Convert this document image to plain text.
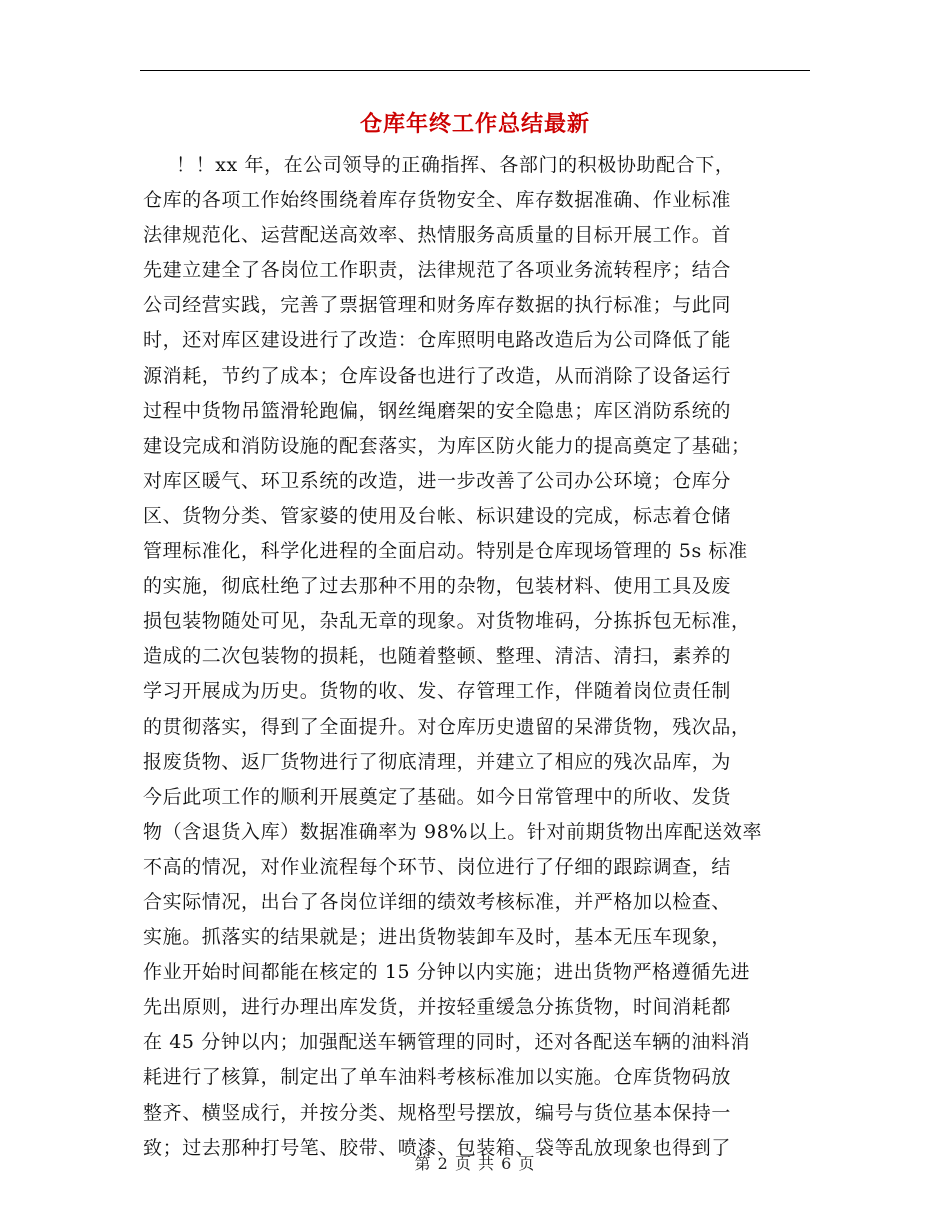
仓库年终工作总结最新
！！xx 年，在公司领导的正确指挥、各部门的积极协助配合下，
仓库的各项工作始终围绕着库存货物安全、库存数据准确、作业标准
法律规范化、运营配送高效率、热情服务高质量的目标开展工作。首
先建立建全了各岗位工作职责，法律规范了各项业务流转程序；结合
公司经营实践，完善了票据管理和财务库存数据的执行标准；与此同
时，还对库区建设进行了改造：仓库照明电路改造后为公司降低了能
源消耗，节约了成本；仓库设备也进行了改造，从而消除了设备运行
过程中货物吊篮滑轮跑偏，钢丝绳磨架的安全隐患；库区消防系统的
建设完成和消防设施的配套落实，为库区防火能力的提高奠定了基础；
对库区暖气、环卫系统的改造，进一步改善了公司办公环境；仓库分
区、货物分类、管家婆的使用及台帐、标识建设的完成，标志着仓储
管理标准化，科学化进程的全面启动。特别是仓库现场管理的 5s 标准
的实施，彻底杜绝了过去那种不用的杂物，包装材料、使用工具及废
损包装物随处可见，杂乱无章的现象。对货物堆码，分拣拆包无标准，
造成的二次包装物的损耗，也随着整顿、整理、清洁、清扫，素养的
学习开展成为历史。货物的收、发、存管理工作，伴随着岗位责任制
的贯彻落实，得到了全面提升。对仓库历史遗留的呆滞货物，残次品，
报废货物、返厂货物进行了彻底清理，并建立了相应的残次品库，为
今后此项工作的顺利开展奠定了基础。如今日常管理中的所收、发货
物（含退货入库）数据准确率为 98%以上。针对前期货物出库配送效率
不高的情况，对作业流程每个环节、岗位进行了仔细的跟踪调查，结
合实际情况，出台了各岗位详细的绩效考核标准，并严格加以检查、
实施。抓落实的结果就是；进出货物装卸车及时，基本无压车现象，
作业开始时间都能在核定的 15 分钟以内实施；进出货物严格遵循先进
先出原则，进行办理出库发货，并按轻重缓急分拣货物，时间消耗都
在 45 分钟以内；加强配送车辆管理的同时，还对各配送车辆的油料消
耗进行了核算，制定出了单车油料考核标准加以实施。仓库货物码放
整齐、横竖成行，并按分类、规格型号摆放，编号与货位基本保持一
致；过去那种打号笔、胶带、喷漆、包装箱、袋等乱放现象也得到了
第 2 页 共 6 页
